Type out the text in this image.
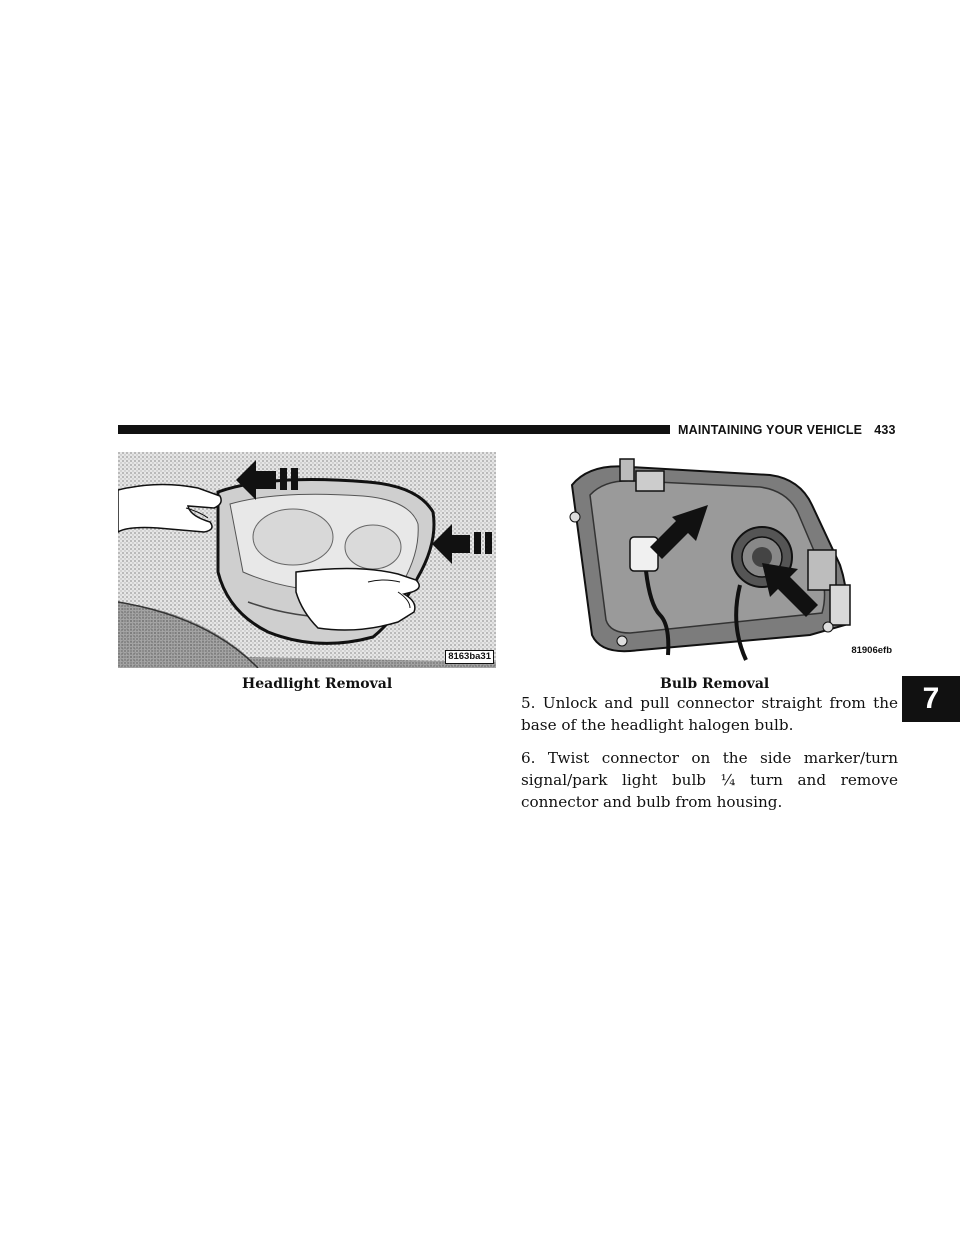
MAINTAINING YOUR VEHICLE 433
8163ba31
Headlight Removal
81906efb
Bulb Removal

5. Unlock and pull connector straight from the base of the headlight halogen bulb.

6. Twist connector on the side marker/turn signal/park light bulb ¼ turn and remove connector and bulb from housing.

7
